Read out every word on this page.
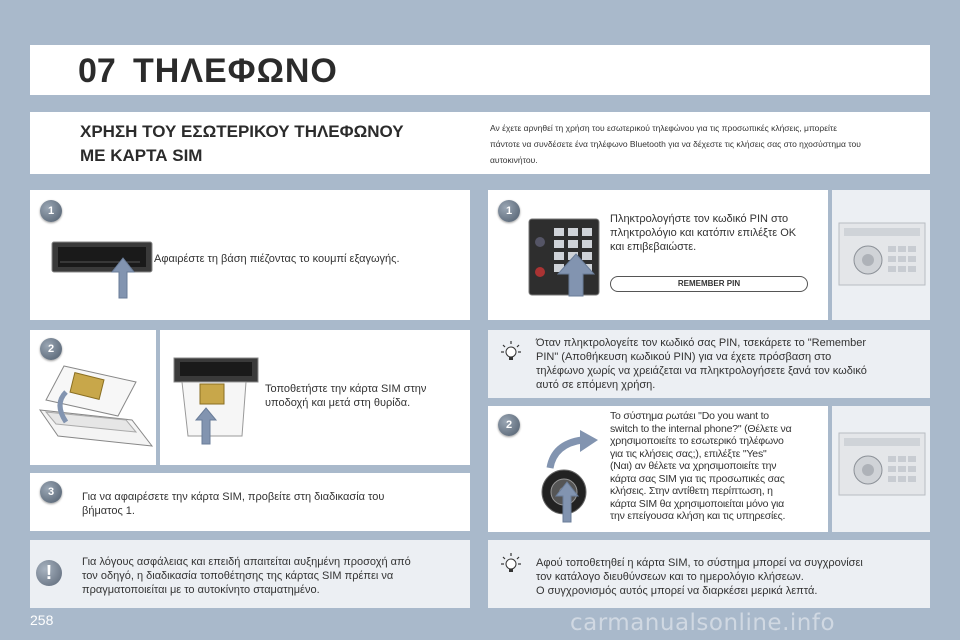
07 ΤΗΛΕΦΩΝΟ
ΧΡΗΣΗ ΤΟΥ ΕΣΩΤΕΡΙΚΟΥ ΤΗΛΕΦΩΝΟΥ
ΜΕ ΚΑΡΤΑ SIM
Αν έχετε αρνηθεί τη χρήση του εσωτερικού τηλεφώνου για τις προσωπικές κλήσεις, μπορείτε
πάντοτε να συνδέσετε ένα τηλέφωνο Bluetooth για να δέχεστε τις κλήσεις σας στο ηχοσύστημα του
αυτοκινήτου.
1
Αφαιρέστε τη βάση πιέζοντας το κουμπί εξαγωγής.
2
Τοποθετήστε την κάρτα SIM στην
υποδοχή και μετά στη θυρίδα.
3	Για να αφαιρέσετε την κάρτα SIM, προβείτε στη διαδικασία του
βήματος 1.
!	Για λόγους ασφάλειας και επειδή απαιτείται αυξημένη προσοχή από
τον οδηγό, η διαδικασία τοποθέτησης της κάρτας SIM πρέπει να
πραγματοποιείται με το αυτοκίνητο σταματημένο.
1
Πληκτρολογήστε τον κωδικό PIN στο
πληκτρολόγιο και κατόπιν επιλέξτε OK
και επιβεβαιώστε.
REMEMBER PIN
Όταν πληκτρολογείτε τον κωδικό σας PIN, τσεκάρετε το "Remember
PIN" (Αποθήκευση κωδικού PIN) για να έχετε πρόσβαση στο
τηλέφωνο χωρίς να χρειάζεται να πληκτρολογήσετε ξανά τον κωδικό
αυτό σε επόμενη χρήση.
2
Το σύστημα ρωτάει "Do you want to
switch to the internal phone?" (Θέλετε να
χρησιμοποιείτε το εσωτερικό τηλέφωνο
για τις κλήσεις σας;), επιλέξτε "Yes"
(Ναι) αν θέλετε να χρησιμοποιείτε την
κάρτα σας SIM για τις προσωπικές σας
κλήσεις. Στην αντίθετη περίπτωση, η
κάρτα SIM θα χρησιμοποιείται μόνο για
την επείγουσα κλήση και τις υπηρεσίες.
Αφού τοποθετηθεί η κάρτα SIM, το σύστημα μπορεί να συγχρονίσει
τον κατάλογο διευθύνσεων και το ημερολόγιο κλήσεων.
Ο συγχρονισμός αυτός μπορεί να διαρκέσει μερικά λεπτά.
258	carmanualsonline.info
